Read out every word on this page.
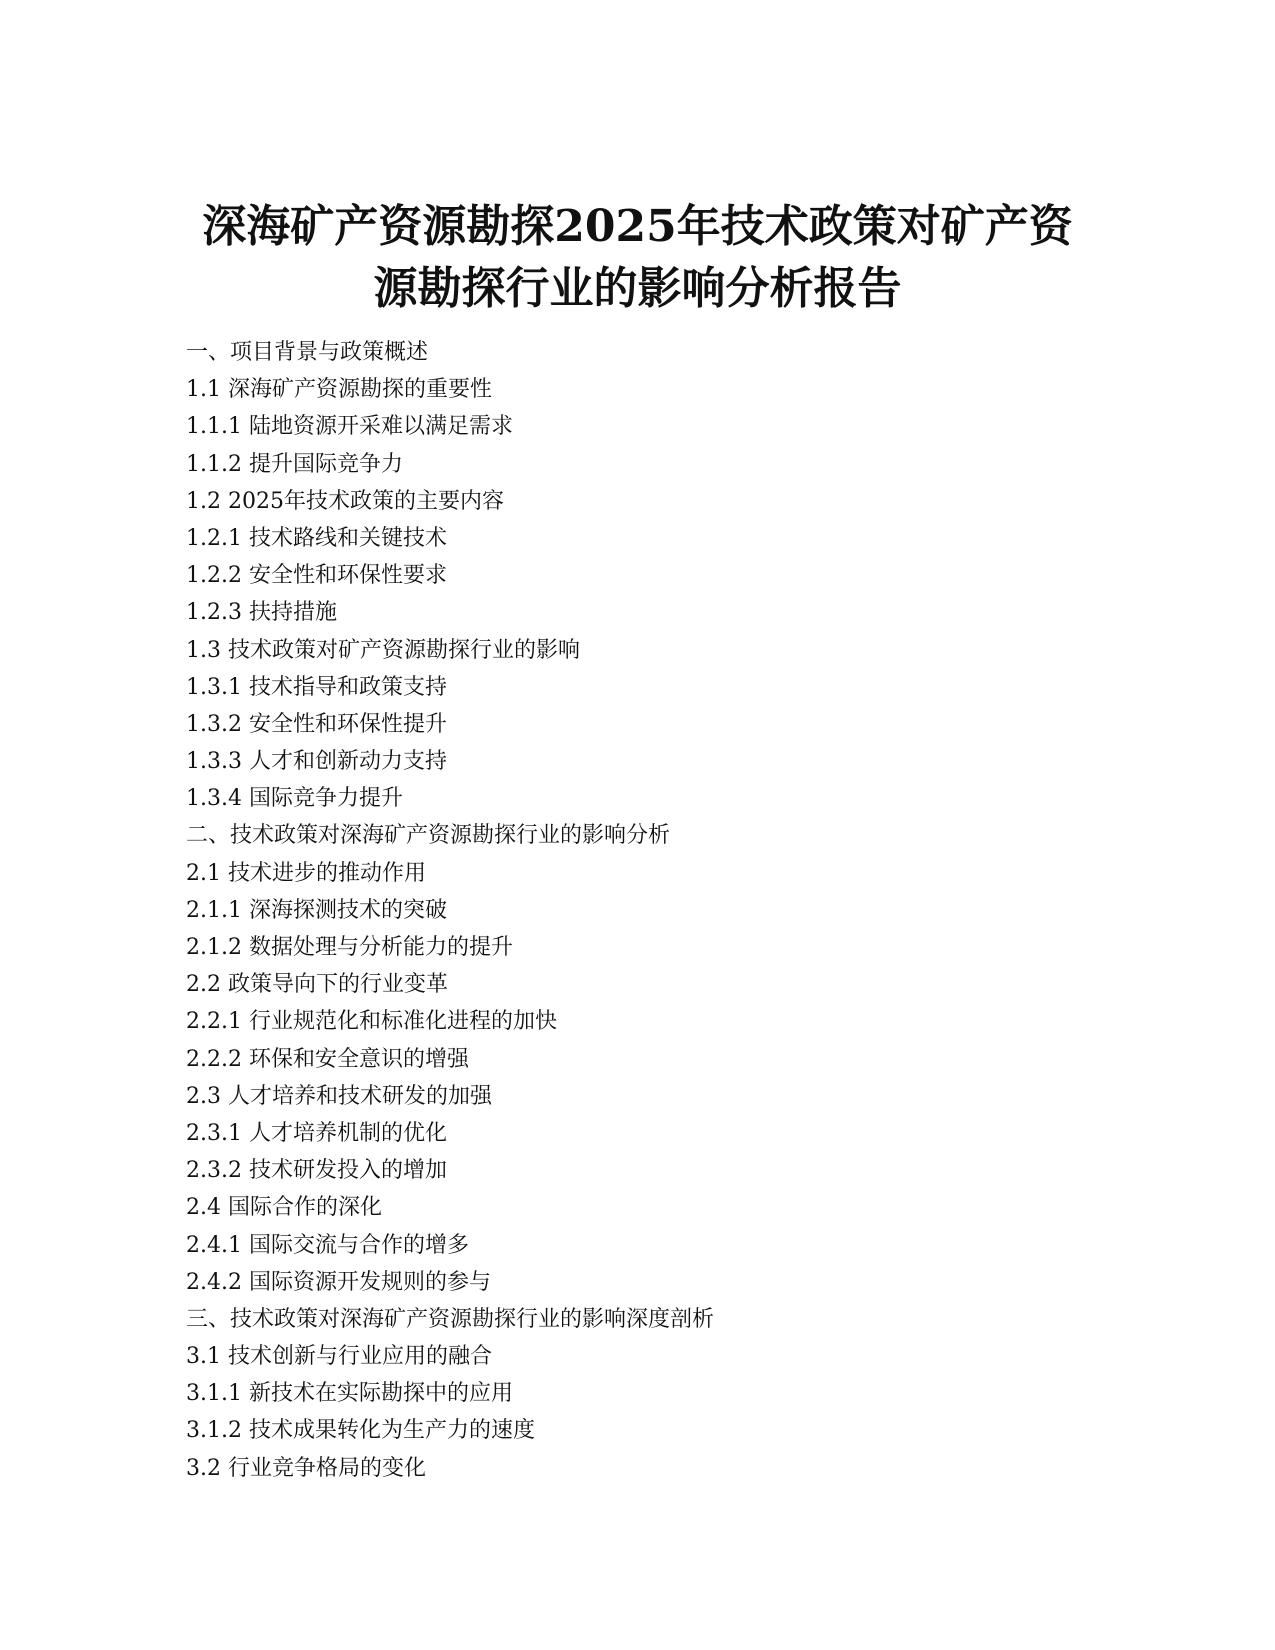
深海矿产资源勘探2025年技术政策对矿产资
源勘探行业的影响分析报告
一、项目背景与政策概述
1.1 深海矿产资源勘探的重要性
1.1.1 陆地资源开采难以满足需求
1.1.2 提升国际竞争力
1.2 2025年技术政策的主要内容
1.2.1 技术路线和关键技术
1.2.2 安全性和环保性要求
1.2.3 扶持措施
1.3 技术政策对矿产资源勘探行业的影响
1.3.1 技术指导和政策支持
1.3.2 安全性和环保性提升
1.3.3 人才和创新动力支持
1.3.4 国际竞争力提升
二、技术政策对深海矿产资源勘探行业的影响分析
2.1 技术进步的推动作用
2.1.1 深海探测技术的突破
2.1.2 数据处理与分析能力的提升
2.2 政策导向下的行业变革
2.2.1 行业规范化和标准化进程的加快
2.2.2 环保和安全意识的增强
2.3 人才培养和技术研发的加强
2.3.1 人才培养机制的优化
2.3.2 技术研发投入的增加
2.4 国际合作的深化
2.4.1 国际交流与合作的增多
2.4.2 国际资源开发规则的参与
三、技术政策对深海矿产资源勘探行业的影响深度剖析
3.1 技术创新与行业应用的融合
3.1.1 新技术在实际勘探中的应用
3.1.2 技术成果转化为生产力的速度
3.2 行业竞争格局的变化
